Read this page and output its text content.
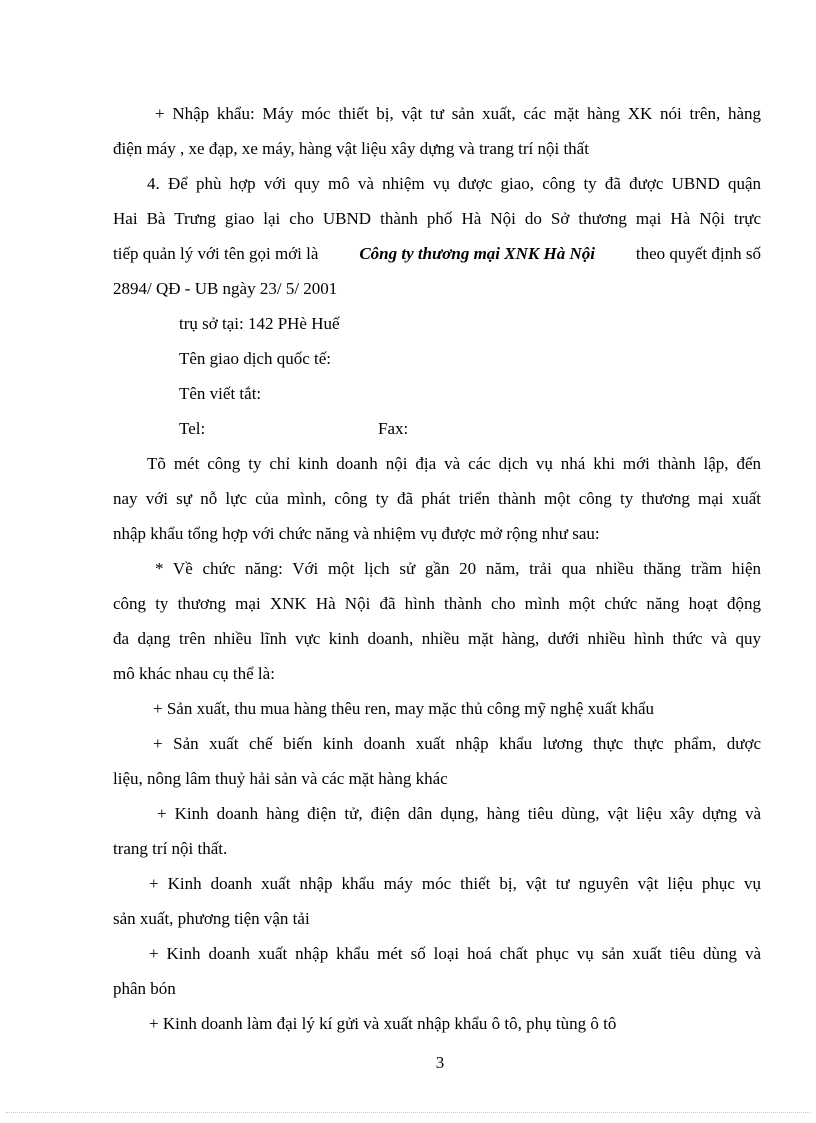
+ Nhập khẩu: Máy móc thiết bị, vật tư sản xuất, các mặt hàng XK nói trên, hàng
điện máy , xe đạp, xe máy, hàng vật liệu xây dựng và trang trí nội thất
4. Để phù hợp với quy mô và nhiệm vụ được giao, công ty đã được UBND quận
Hai Bà Trưng giao lại cho UBND thành phố Hà Nội do Sở thương mại Hà Nội trực
tiếp quản lý với tên gọi mới là Công ty thương mại XNK Hà Nội theo quyết định số
2894/ QĐ - UB ngày 23/ 5/ 2001
trụ sở tại: 142 PHè Huế
Tên giao dịch quốc tế:
Tên viết tắt:
Tel:	Fax:
Tõ mét công ty chỉ kinh doanh nội địa và các dịch vụ nhá khi mới thành lập, đến
nay với sự nỗ lực của mình, công ty đã phát triển thành một công ty thương mại xuất
nhập khẩu tổng hợp với chức năng và nhiệm vụ được mở rộng như sau:
* Về chức năng: Với một lịch sử gần 20 năm, trải qua nhiều thăng trầm hiện
công ty thương mại XNK Hà Nội đã hình thành cho mình một chức năng hoạt động
đa dạng trên nhiều lĩnh vực kinh doanh, nhiều mặt hàng, dưới nhiều hình thức và quy
mô khác nhau cụ thể là:
+ Sản xuất, thu mua hàng thêu ren, may mặc thủ công mỹ nghệ xuất khẩu
+ Sản xuất chế biến kinh doanh xuất nhập khẩu lương thực thực phẩm, dược
liệu, nông lâm thuỷ hải sản và các mặt hàng khác
+ Kinh doanh hàng điện tử, điện dân dụng, hàng tiêu dùng, vật liệu xây dựng và
trang trí nội thất.
+ Kinh doanh xuất nhập khẩu máy móc thiết bị, vật tư nguyên vật liệu phục vụ
sản xuất, phương tiện vận tải
+ Kinh doanh xuất nhập khẩu mét số loại hoá chất phục vụ sản xuất tiêu dùng và
phân bón
+ Kinh doanh làm đại lý kí gửi và xuất nhập khẩu ô tô, phụ tùng ô tô
3
